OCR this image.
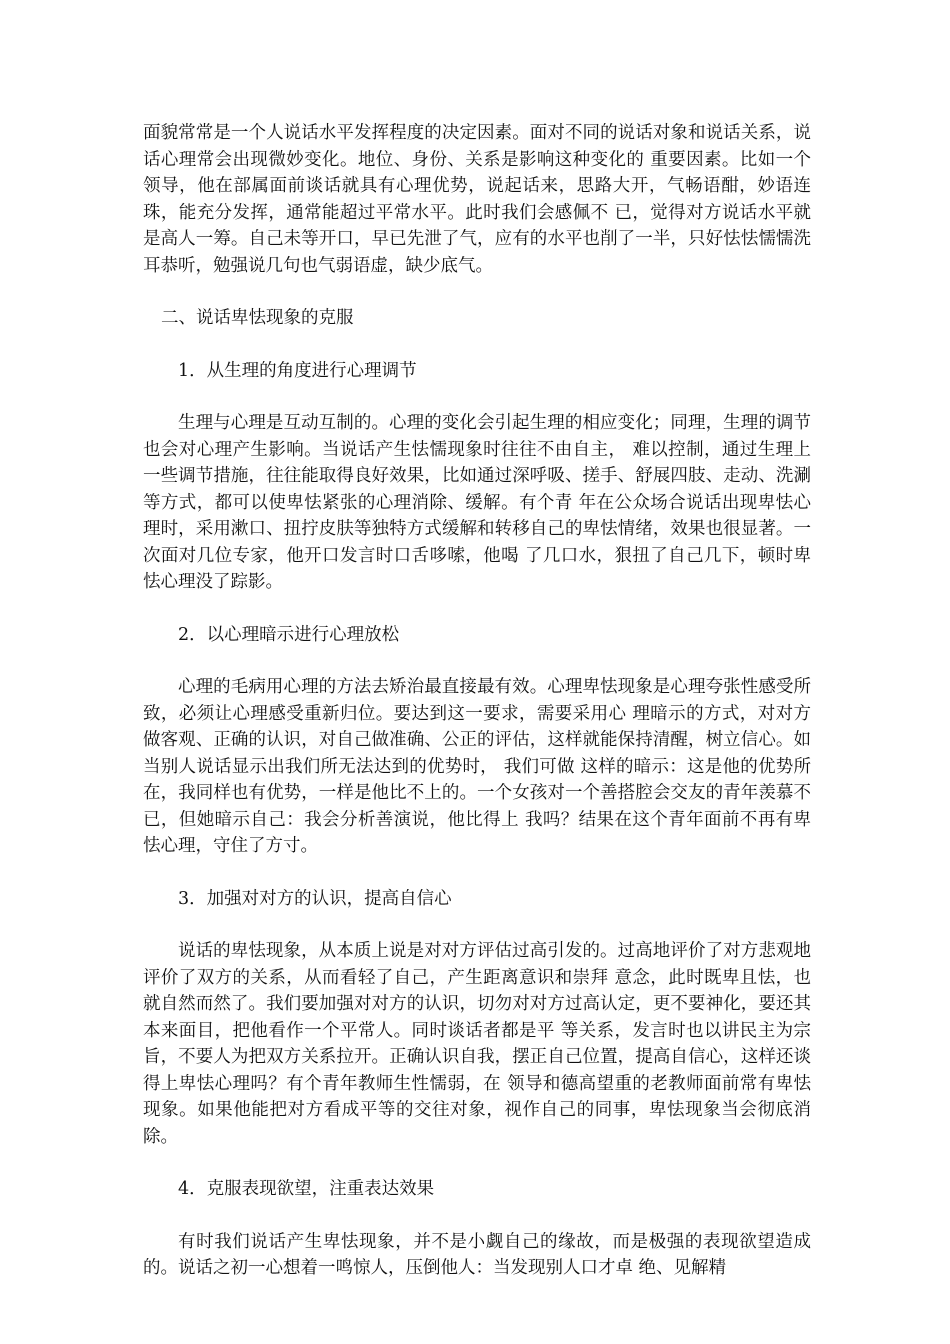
面貌常常是一个人说话水平发挥程度的决定因素。面对不同的说话对象和说话关系，说话心理常会出现微妙变化。地位、身份、关系是影响这种变化的 重要因素。比如一个领导，他在部属面前谈话就具有心理优势，说起话来，思路大开，气畅语酣，妙语连珠，能充分发挥，通常能超过平常水平。此时我们会感佩不 已，觉得对方说话水平就是高人一筹。自己未等开口，早已先泄了气，应有的水平也削了一半，只好怯怯懦懦洗耳恭听，勉强说几句也气弱语虚，缺少底气。

二、说话卑怯现象的克服

1．从生理的角度进行心理调节

生理与心理是互动互制的。心理的变化会引起生理的相应变化；同理，生理的调节也会对心理产生影响。当说话产生怯懦现象时往往不由自主， 难以控制，通过生理上一些调节措施，往往能取得良好效果，比如通过深呼吸、搓手、舒展四肢、走动、洗涮等方式，都可以使卑怯紧张的心理消除、缓解。有个青 年在公众场合说话出现卑怯心理时，采用漱口、扭拧皮肤等独特方式缓解和转移自己的卑怯情绪，效果也很显著。一次面对几位专家，他开口发言时口舌哆嗦，他喝 了几口水，狠扭了自己几下，顿时卑怯心理没了踪影。

2．以心理暗示进行心理放松

心理的毛病用心理的方法去矫治最直接最有效。心理卑怯现象是心理夸张性感受所致，必须让心理感受重新归位。要达到这一要求，需要采用心 理暗示的方式，对对方做客观、正确的认识，对自己做准确、公正的评估，这样就能保持清醒，树立信心。如当别人说话显示出我们所无法达到的优势时， 我们可做 这样的暗示：这是他的优势所在，我同样也有优势，一样是他比不上的。一个女孩对一个善搭腔会交友的青年羡慕不已，但她暗示自己：我会分析善演说，他比得上 我吗？结果在这个青年面前不再有卑怯心理，守住了方寸。

3．加强对对方的认识，提高自信心

说话的卑怯现象，从本质上说是对对方评估过高引发的。过高地评价了对方悲观地评价了双方的关系，从而看轻了自己，产生距离意识和崇拜 意念，此时既卑且怯，也就自然而然了。我们要加强对对方的认识，切勿对对方过高认定，更不要神化，要还其本来面目，把他看作一个平常人。同时谈话者都是平 等关系，发言时也以讲民主为宗旨，不要人为把双方关系拉开。正确认识自我，摆正自己位置，提高自信心，这样还谈得上卑怯心理吗？有个青年教师生性懦弱，在 领导和德高望重的老教师面前常有卑怯现象。如果他能把对方看成平等的交往对象，视作自己的同事，卑怯现象当会彻底消除。

4．克服表现欲望，注重表达效果

有时我们说话产生卑怯现象，并不是小觑自己的缘故，而是极强的表现欲望造成的。说话之初一心想着一鸣惊人，压倒他人：当发现别人口才卓 绝、见解精
